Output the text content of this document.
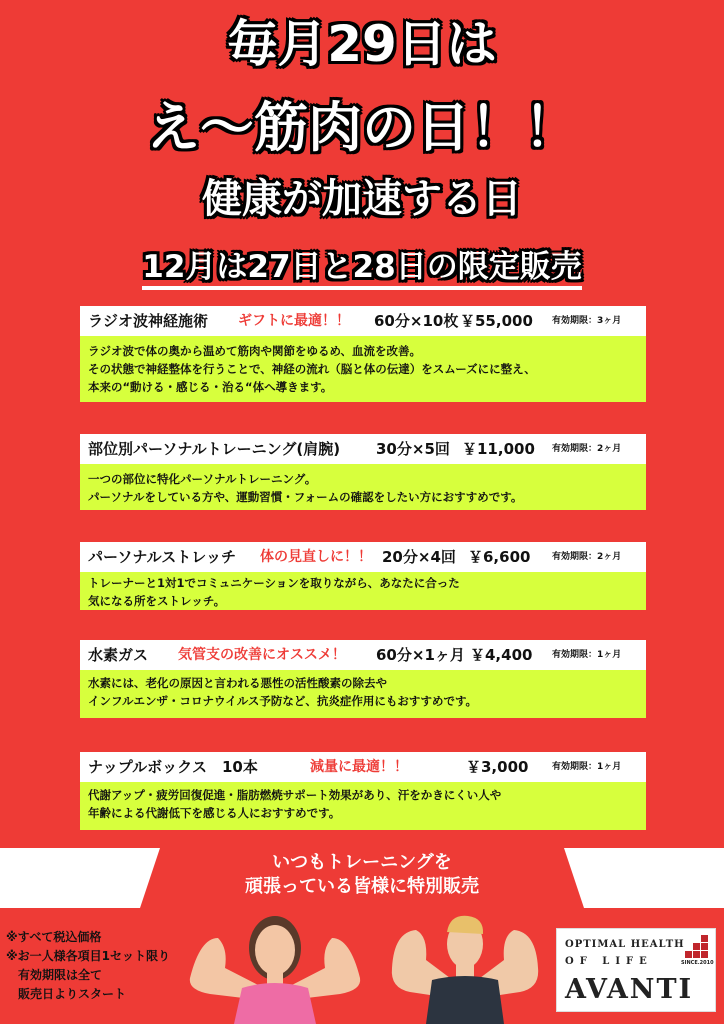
毎月29日は
え〜筋肉の日！！
健康が加速する日
12月は27日と28日の限定販売
ラジオ波神経施術 ギフトに最適！！ 60分×10枚 ￥55,000 有効期限：3ヶ月
ラジオ波で体の奥から温めて筋肉や関節をゆるめ、血流を改善。
その状態で神経整体を行うことで、神経の流れ（脳と体の伝達）をスムーズにに整え、
本来の“動ける・感じる・治る“体へ導きます。
部位別パーソナルトレーニング(肩腕) 30分×5回 ￥11,000 有効期限：2ヶ月
一つの部位に特化パーソナルトレーニング。
パーソナルをしている方や、運動習慣・フォームの確認をしたい方におすすめです。
パーソナルストレッチ 体の見直しに！！ 20分×4回 ￥6,600 有効期限：2ヶ月
トレーナーと1対1でコミュニケーションを取りながら、あなたに合った
気になる所をストレッチ。
水素ガス 気管支の改善にオススメ！ 60分×1ヶ月 ￥4,400 有効期限：1ヶ月
水素には、老化の原因と言われる悪性の活性酸素の除去や
インフルエンザ・コロナウイルス予防など、抗炎症作用にもおすすめです。
ナップルボックス　10本	減量に最適！！	￥3,000	有効期限：1ヶ月
代謝アップ・疲労回復促進・脂肪燃焼サポート効果があり、汗をかきにくい人や
年齢による代謝低下を感じる人におすすめです。
いつもトレーニングを
頑張っている皆様に特別販売
※すべて税込価格
※お一人様各項目1セット限り
　有効期限は全て
　販売日よりスタート
OPTIMAL HEALTH
OF LIFE	SINCE.2010
AVANTI
